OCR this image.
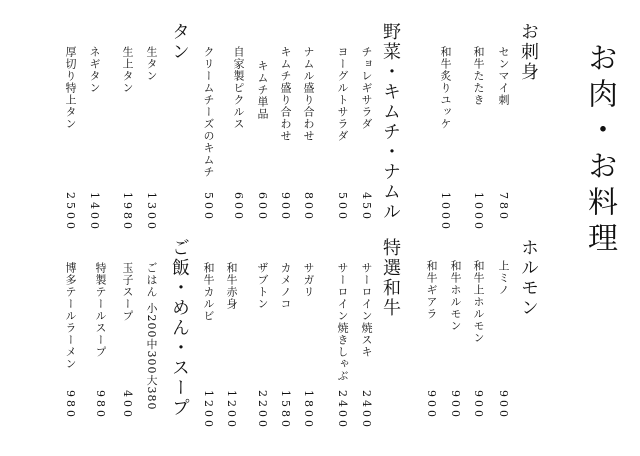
お肉・お料理
お刺身
センマイ刺
和牛たたき
和牛炙りユッケ
780
1000
1000
ホルモン
上ミノ
和牛上ホルモン
和牛ホルモン
和牛ギアラ
900
900
900
900
野菜・キムチ・ナムル
チョレギサラダ
ヨーグルトサラダ
ナムル盛り合わせ
キムチ盛り合わせ
キムチ単品
自家製ピクルス
クリームチーズのキムチ
450
500
800
900
600
600
500
特選和牛
サーロイン焼スキ
サーロイン焼きしゃぶ
サガリ
カメノコ
ザブトン
和牛赤身
和牛カルビ
2400
2400
1800
1580
2200
1200
1200
タン
生タン
生上タン
ネギタン
厚切り特上タン
1300
1980
1400
2500
ご飯・めん・スープ
ごはん 小200中300大380
玉子スープ
特製テールスープ
博多テールラーメン
400
980
980
